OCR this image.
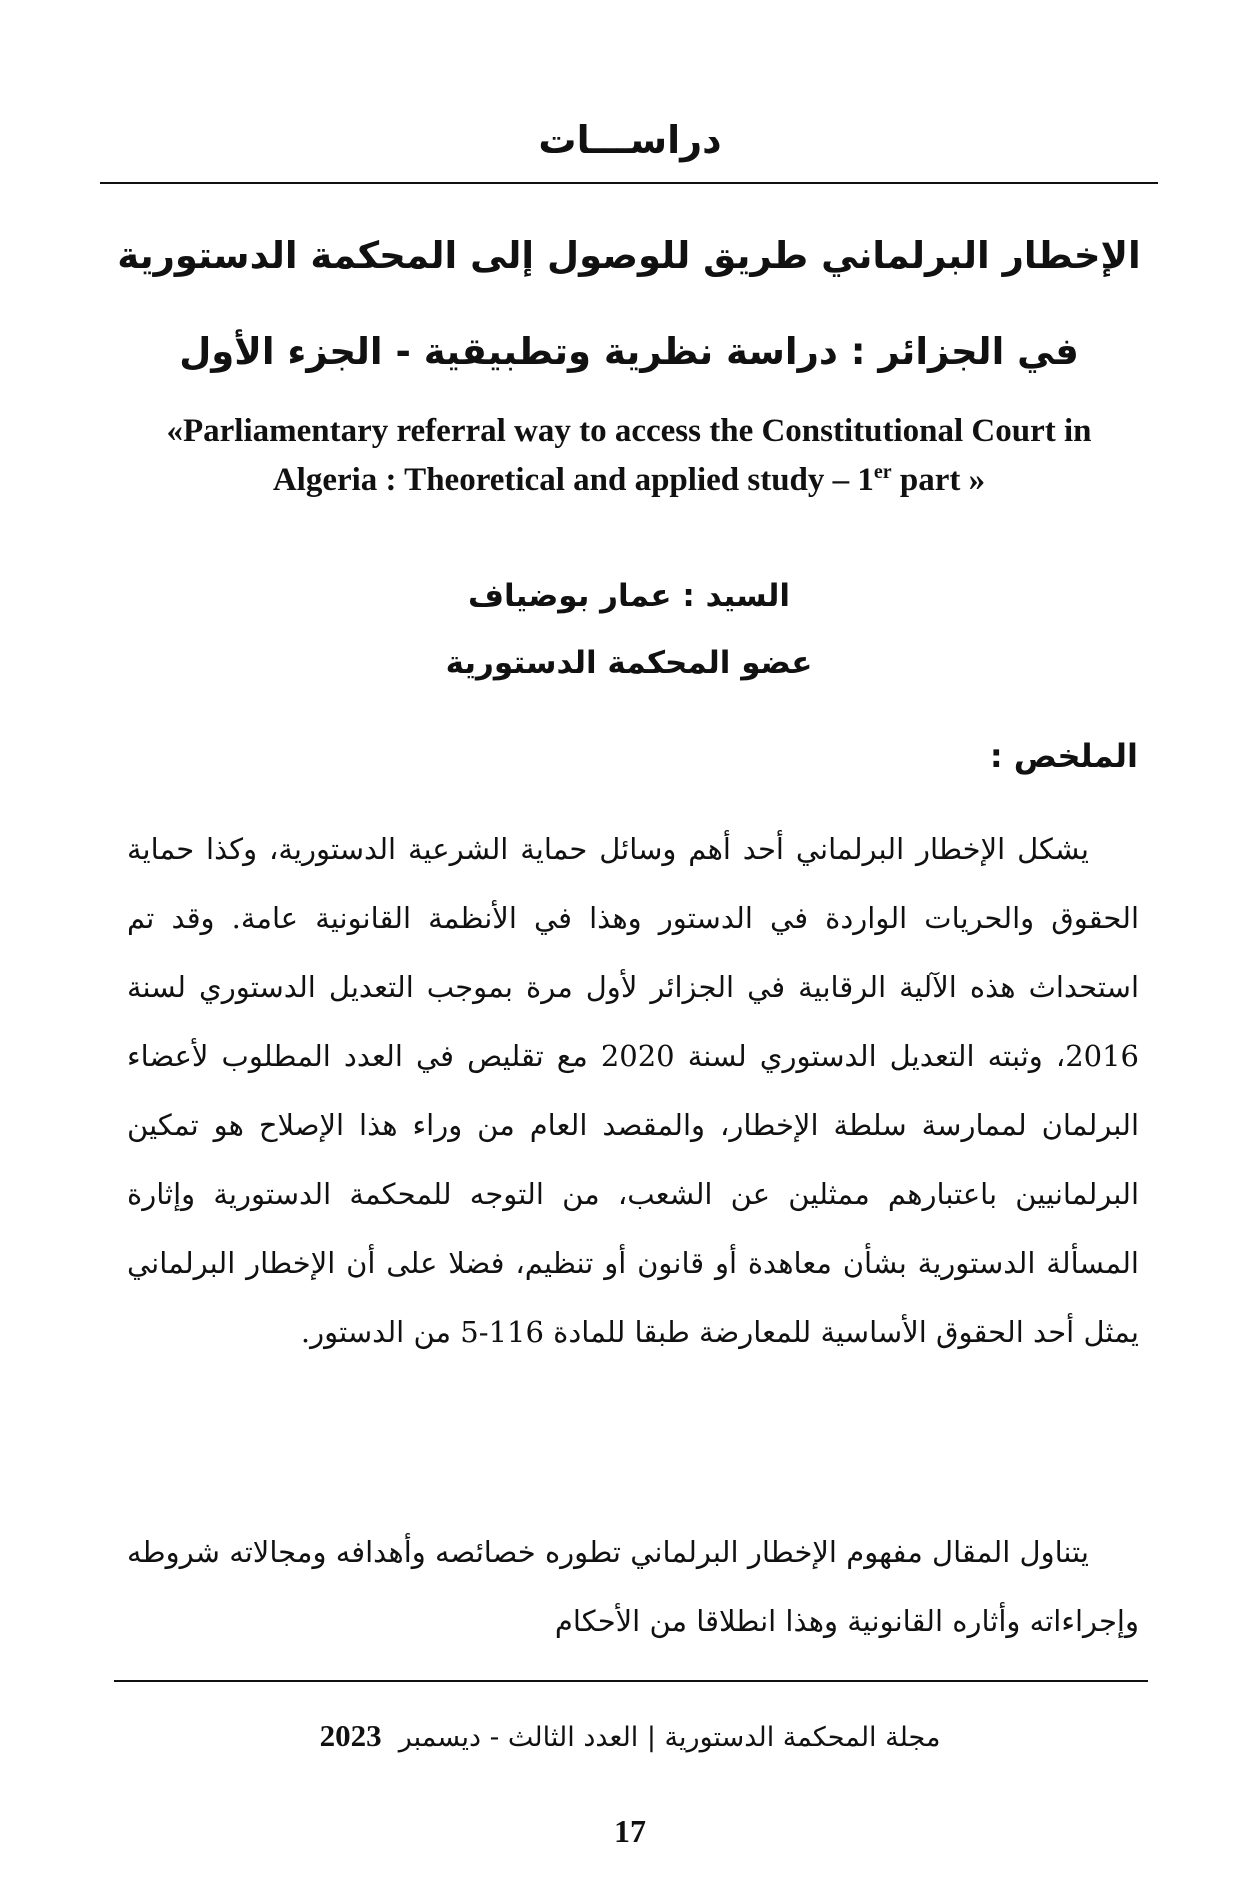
دراســـات
الإخطار البرلماني طريق للوصول إلى المحكمة الدستورية
في الجزائر : دراسة نظرية وتطبيقية - الجزء الأول
«Parliamentary referral way to access the Constitutional Court in
Algeria : Theoretical and applied study – 1er part »
السيد : عمار بوضياف
عضو المحكمة الدستورية
الملخص :

يشكل الإخطار البرلماني أحد أهم وسائل حماية الشرعية الدستورية، وكذا حماية الحقوق والحريات الواردة في الدستور وهذا في الأنظمة القانونية عامة. وقد تم استحداث هذه الآلية الرقابية في الجزائر لأول مرة بموجب التعديل الدستوري لسنة 2016، وثبته التعديل الدستوري لسنة 2020 مع تقليص في العدد المطلوب لأعضاء البرلمان لممارسة سلطة الإخطار، والمقصد العام من وراء هذا الإصلاح هو تمكين البرلمانيين باعتبارهم ممثلين عن الشعب، من التوجه للمحكمة الدستورية وإثارة المسألة الدستورية بشأن معاهدة أو قانون أو تنظيم، فضلا على أن الإخطار البرلماني يمثل أحد الحقوق الأساسية للمعارضة طبقا للمادة 116-5 من الدستور.

يتناول المقال مفهوم الإخطار البرلماني تطوره خصائصه وأهدافه ومجالاته شروطه وإجراءاته وأثاره القانونية وهذا انطلاقا من الأحكام

مجلة المحكمة الدستورية | العدد الثالث - ديسمبر  2023
17
